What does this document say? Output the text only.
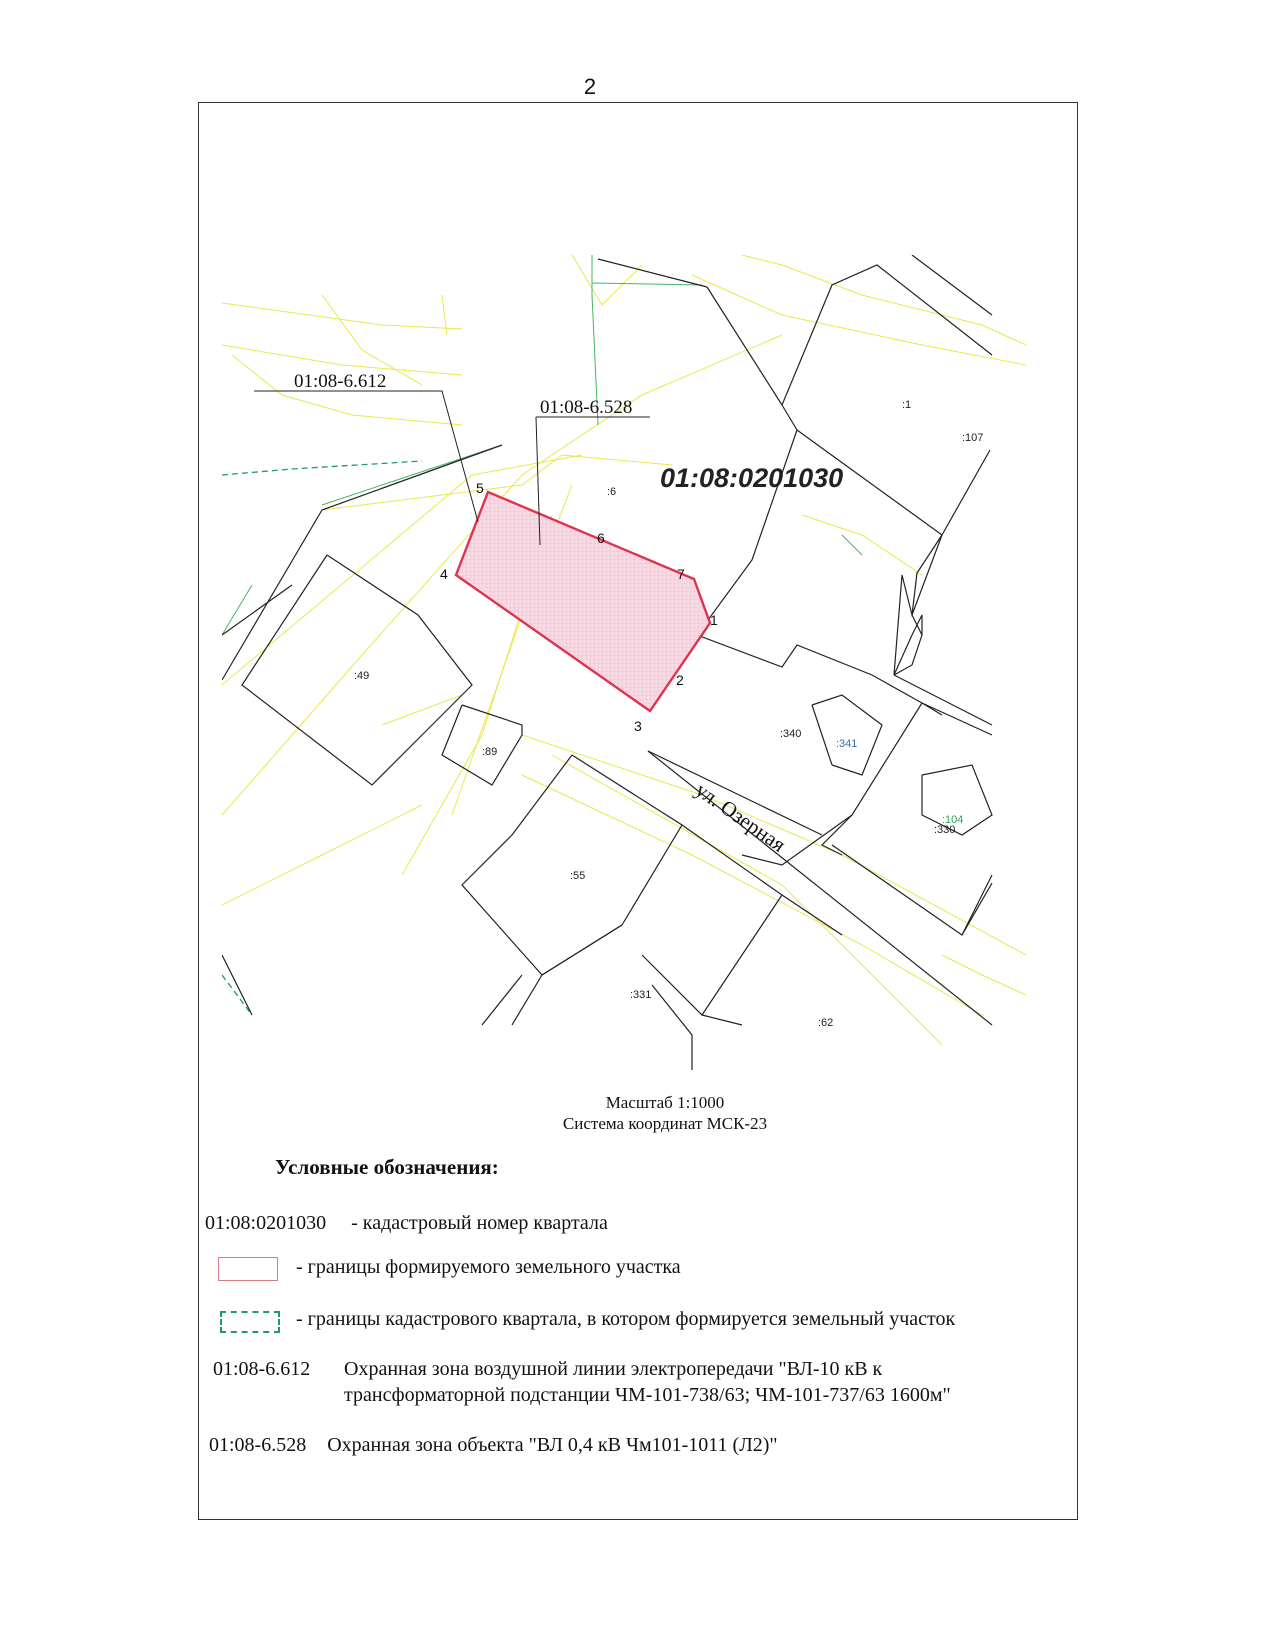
2
1
2
3
4
5
6
7
:1
:107
:6
:49
:89
:340
:341
:104
:330
:55
:331
:62
01:08-6.612
01:08-6.528
01:08:0201030
ул. Озерная
Масштаб 1:1000
Система координат МСК-23
Условные обозначения:
01:08:0201030 - кадастровый номер квартала
- границы формируемого земельного участка
- границы кадастрового квартала, в котором формируется земельный участок
01:08-6.612 Охранная зона воздушной линии электропередачи "ВЛ-10 кВ к
трансформаторной подстанции ЧМ-101-738/63; ЧМ-101-737/63 1600м"
01:08-6.528 Охранная зона объекта "ВЛ 0,4 кВ Чм101-1011 (Л2)"
